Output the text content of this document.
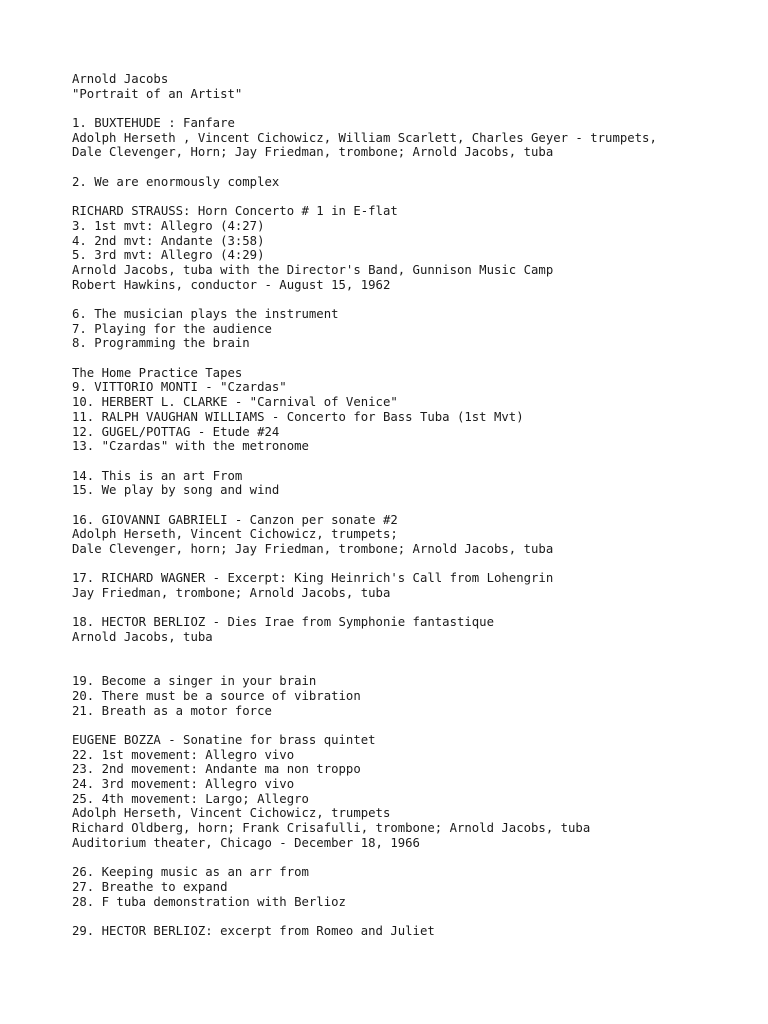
Arnold Jacobs
"Portrait of an Artist"
1. BUXTEHUDE : Fanfare
Adolph Herseth , Vincent Cichowicz, William Scarlett, Charles Geyer - trumpets,
Dale Clevenger, Horn; Jay Friedman, trombone; Arnold Jacobs, tuba
2. We are enormously complex
RICHARD STRAUSS: Horn Concerto # 1 in E-flat
3. 1st mvt: Allegro (4:27)
4. 2nd mvt: Andante (3:58)
5. 3rd mvt: Allegro (4:29)
Arnold Jacobs, tuba with the Director's Band, Gunnison Music Camp
Robert Hawkins, conductor - August 15, 1962
6. The musician plays the instrument
7. Playing for the audience
8. Programming the brain
The Home Practice Tapes
9. VITTORIO MONTI - "Czardas"
10. HERBERT L. CLARKE - "Carnival of Venice"
11. RALPH VAUGHAN WILLIAMS - Concerto for Bass Tuba (1st Mvt)
12. GUGEL/POTTAG - Etude #24
13. "Czardas" with the metronome
14. This is an art From
15. We play by song and wind
16. GIOVANNI GABRIELI - Canzon per sonate #2
Adolph Herseth, Vincent Cichowicz, trumpets;
Dale Clevenger, horn; Jay Friedman, trombone; Arnold Jacobs, tuba
17. RICHARD WAGNER - Excerpt: King Heinrich's Call from Lohengrin
Jay Friedman, trombone; Arnold Jacobs, tuba
18. HECTOR BERLIOZ - Dies Irae from Symphonie fantastique
Arnold Jacobs, tuba
19. Become a singer in your brain
20. There must be a source of vibration
21. Breath as a motor force
EUGENE BOZZA - Sonatine for brass quintet
22. 1st movement: Allegro vivo
23. 2nd movement: Andante ma non troppo
24. 3rd movement: Allegro vivo
25. 4th movement: Largo; Allegro
Adolph Herseth, Vincent Cichowicz, trumpets
Richard Oldberg, horn; Frank Crisafulli, trombone; Arnold Jacobs, tuba
Auditorium theater, Chicago - December 18, 1966
26. Keeping music as an arr from
27. Breathe to expand
28. F tuba demonstration with Berlioz
29. HECTOR BERLIOZ: excerpt from Romeo and Juliet
